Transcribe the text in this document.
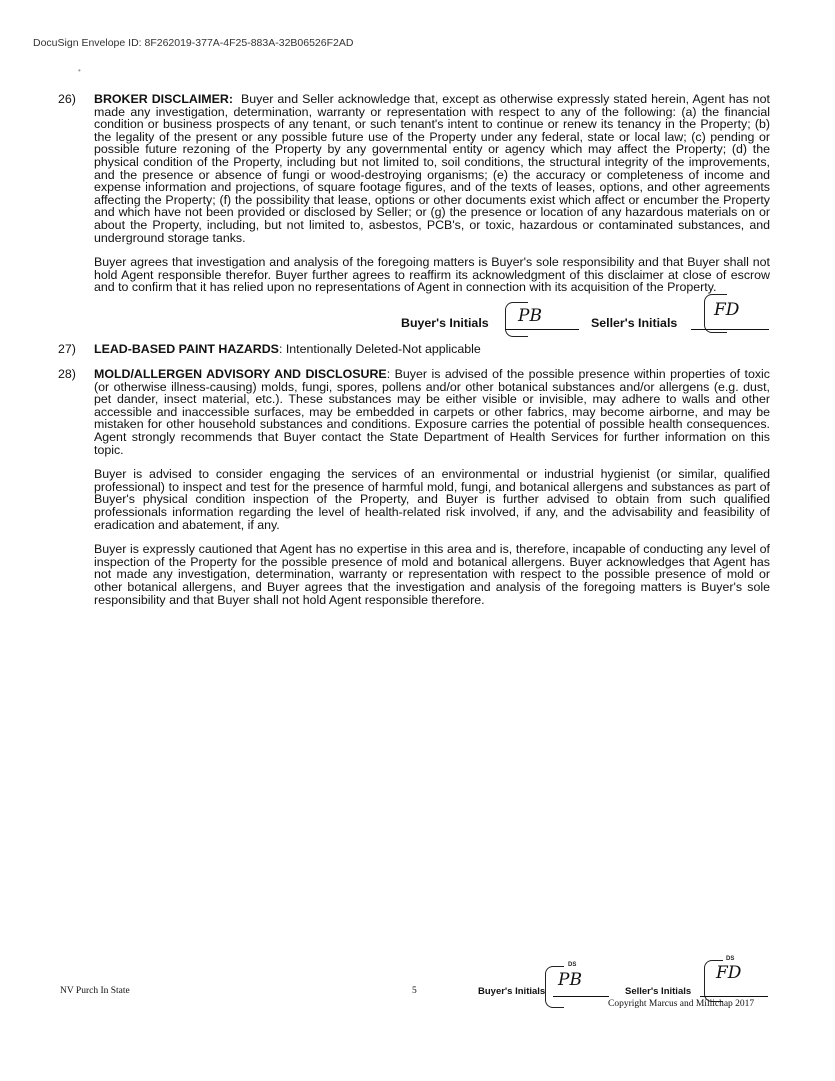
DocuSign Envelope ID: 8F262019-377A-4F25-883A-32B06526F2AD
•
26)	BROKER DISCLAIMER: Buyer and Seller acknowledge that, except as otherwise expressly stated herein, Agent has not made any investigation, determination, warranty or representation with respect to any of the following: (a) the financial condition or business prospects of any tenant, or such tenant's intent to continue or renew its tenancy in the Property; (b) the legality of the present or any possible future use of the Property under any federal, state or local law; (c) pending or possible future rezoning of the Property by any governmental entity or agency which may affect the Property; (d) the physical condition of the Property, including but not limited to, soil conditions, the structural integrity of the improvements, and the presence or absence of fungi or wood-destroying organisms; (e) the accuracy or completeness of income and expense information and projections, of square footage figures, and of the texts of leases, options, and other agreements affecting the Property; (f) the possibility that lease, options or other documents exist which affect or encumber the Property and which have not been provided or disclosed by Seller; or (g) the presence or location of any hazardous materials on or about the Property, including, but not limited to, asbestos, PCB's, or toxic, hazardous or contaminated substances, and underground storage tanks.

Buyer agrees that investigation and analysis of the foregoing matters is Buyer's sole responsibility and that Buyer shall not hold Agent responsible therefor. Buyer further agrees to reaffirm its acknowledgment of this disclaimer at close of escrow and to confirm that it has relied upon no representations of Agent in connection with its acquisition of the Property.

Buyer's Initials PB	Seller's Initials
FD
27)	LEAD-BASED PAINT HAZARDS: Intentionally Deleted-Not applicable
28)	MOLD/ALLERGEN ADVISORY AND DISCLOSURE: Buyer is advised of the possible presence within properties of toxic (or otherwise illness-causing) molds, fungi, spores, pollens and/or other botanical substances and/or allergens (e.g. dust, pet dander, insect material, etc.). These substances may be either visible or invisible, may adhere to walls and other accessible and inaccessible surfaces, may be embedded in carpets or other fabrics, may become airborne, and may be mistaken for other household substances and conditions. Exposure carries the potential of possible health consequences. Agent strongly recommends that Buyer contact the State Department of Health Services for further information on this topic.

Buyer is advised to consider engaging the services of an environmental or industrial hygienist (or similar, qualified professional) to inspect and test for the presence of harmful mold, fungi, and botanical allergens and substances as part of Buyer's physical condition inspection of the Property, and Buyer is further advised to obtain from such qualified professionals information regarding the level of health-related risk involved, if any, and the advisability and feasibility of eradication and abatement, if any.

Buyer is expressly cautioned that Agent has no expertise in this area and is, therefore, incapable of conducting any level of inspection of the Property for the possible presence of mold and botanical allergens. Buyer acknowledges that Agent has not made any investigation, determination, warranty or representation with respect to the possible presence of mold or other botanical allergens, and Buyer agrees that the investigation and analysis of the foregoing matters is Buyer's sole responsibility and that Buyer shall not hold Agent responsible therefore.

NV Purch In State	5	Buyer's Initials
DS
PB
Seller's Initials
DS
FD
Copyright Marcus and Millichap 2017
